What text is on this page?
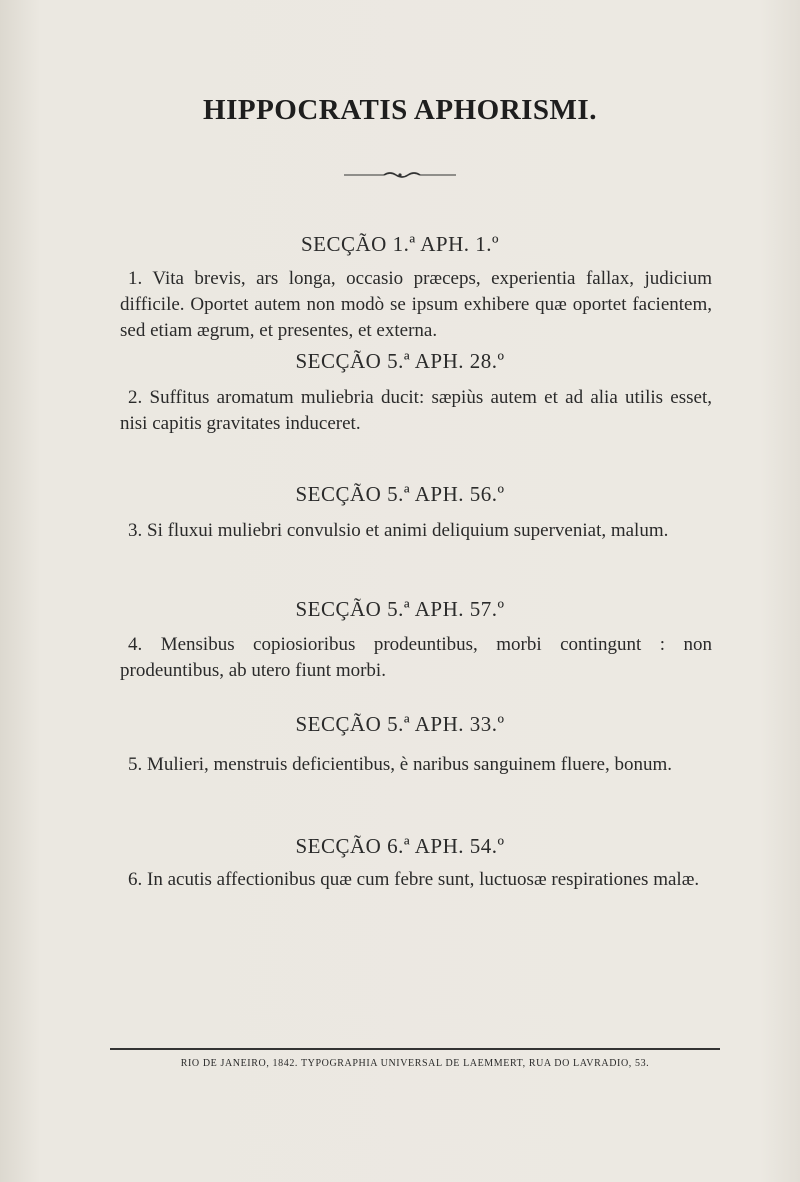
HIPPOCRATIS APHORISMI.
SECÇÃO 1.ª APH. 1.º
1. Vita brevis, ars longa, occasio præceps, experientia fallax, judicium difficile. Oportet autem non modò se ipsum exhibere quæ oportet facientem, sed etiam ægrum, et presentes, et externa.
SECÇÃO 5.ª APH. 28.º
2. Suffitus aromatum muliebria ducit: sæpiùs autem et ad alia utilis esset, nisi capitis gravitates induceret.
SECÇÃO 5.ª APH. 56.º
3. Si fluxui muliebri convulsio et animi deliquium superveniat, malum.
SECÇÃO 5.ª APH. 57.º
4. Mensibus copiosioribus prodeuntibus, morbi contingunt : non prodeuntibus, ab utero fiunt morbi.
SECÇÃO 5.ª APH. 33.º
5. Mulieri, menstruis deficientibus, è naribus sanguinem fluere, bonum.
SECÇÃO 6.ª APH. 54.º
6. In acutis affectionibus quæ cum febre sunt, luctuosæ respirationes malæ.
RIO DE JANEIRO, 1842. TYPOGRAPHIA UNIVERSAL DE LAEMMERT, RUA DO LAVRADIO, 53.
